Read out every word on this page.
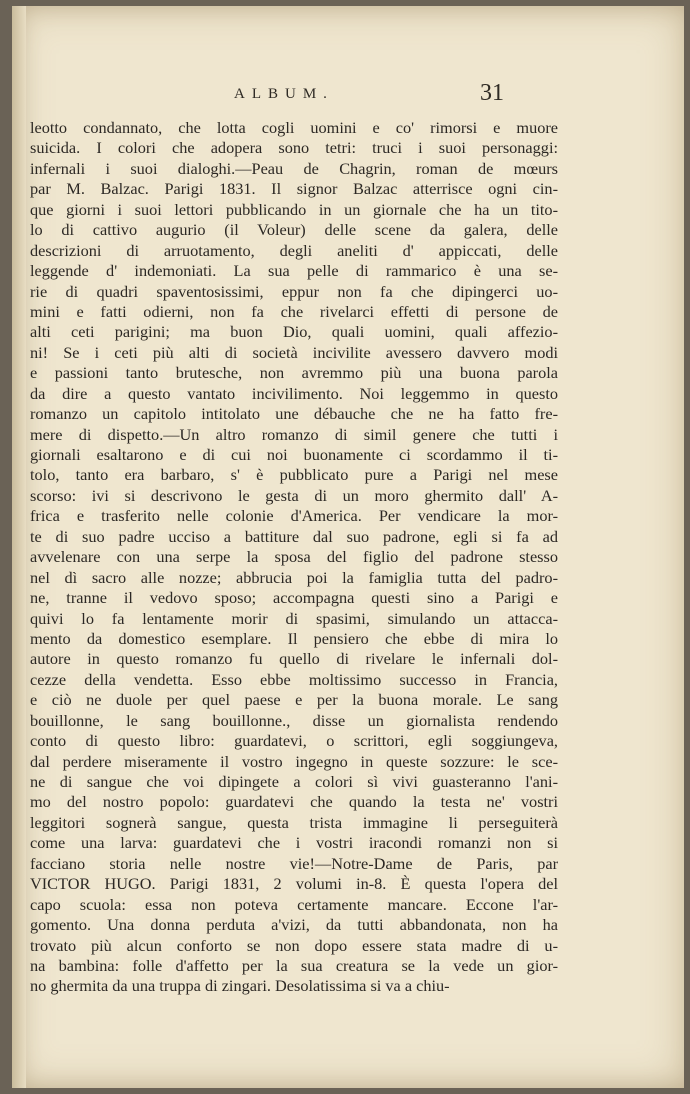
ALBUM.	31
leotto condannato, che lotta cogli uomini e co' rimorsi e muore
suicida. I colori che adopera sono tetri: truci i suoi personaggi:
infernali i suoi dialoghi.—Peau de Chagrin, roman de mœurs
par M. Balzac. Parigi 1831. Il signor Balzac atterrisce ogni cin-
que giorni i suoi lettori pubblicando in un giornale che ha un tito-
lo di cattivo augurio (il Voleur) delle scene da galera, delle
descrizioni di arruotamento, degli aneliti d' appiccati, delle
leggende d' indemoniati. La sua pelle di rammarico è una se-
rie di quadri spaventosissimi, eppur non fa che dipingerci uo-
mini e fatti odierni, non fa che rivelarci effetti di persone de
alti ceti parigini; ma buon Dio, quali uomini, quali affezio-
ni! Se i ceti più alti di società incivilite avessero davvero modi
e passioni tanto brutesche, non avremmo più una buona parola
da dire a questo vantato incivilimento. Noi leggemmo in questo
romanzo un capitolo intitolato une débauche che ne ha fatto fre-
mere di dispetto.—Un altro romanzo di simil genere che tutti i
giornali esaltarono e di cui noi buonamente ci scordammo il ti-
tolo, tanto era barbaro, s' è pubblicato pure a Parigi nel mese
scorso: ivi si descrivono le gesta di un moro ghermito dall' A-
frica e trasferito nelle colonie d'America. Per vendicare la mor-
te di suo padre ucciso a battiture dal suo padrone, egli si fa ad
avvelenare con una serpe la sposa del figlio del padrone stesso
nel dì sacro alle nozze; abbrucia poi la famiglia tutta del padro-
ne, tranne il vedovo sposo; accompagna questi sino a Parigi e
quivi lo fa lentamente morir di spasimi, simulando un attacca-
mento da domestico esemplare. Il pensiero che ebbe di mira lo
autore in questo romanzo fu quello di rivelare le infernali dol-
cezze della vendetta. Esso ebbe moltissimo successo in Francia,
e ciò ne duole per quel paese e per la buona morale. Le sang
bouillonne, le sang bouillonne., disse un giornalista rendendo
conto di questo libro: guardatevi, o scrittori, egli soggiungeva,
dal perdere miseramente il vostro ingegno in queste sozzure: le sce-
ne di sangue che voi dipingete a colori sì vivi guasteranno l'ani-
mo del nostro popolo: guardatevi che quando la testa ne' vostri
leggitori sognerà sangue, questa trista immagine li perseguiterà
come una larva: guardatevi che i vostri iracondi romanzi non si
facciano storia nelle nostre vie!—Notre-Dame de Paris, par
VICTOR HUGO. Parigi 1831, 2 volumi in-8. È questa l'opera del
capo scuola: essa non poteva certamente mancare. Eccone l'ar-
gomento. Una donna perduta a'vizi, da tutti abbandonata, non ha
trovato più alcun conforto se non dopo essere stata madre di u-
na bambina: folle d'affetto per la sua creatura se la vede un gior-
no ghermita da una truppa di zingari. Desolatissima si va a chiu-
